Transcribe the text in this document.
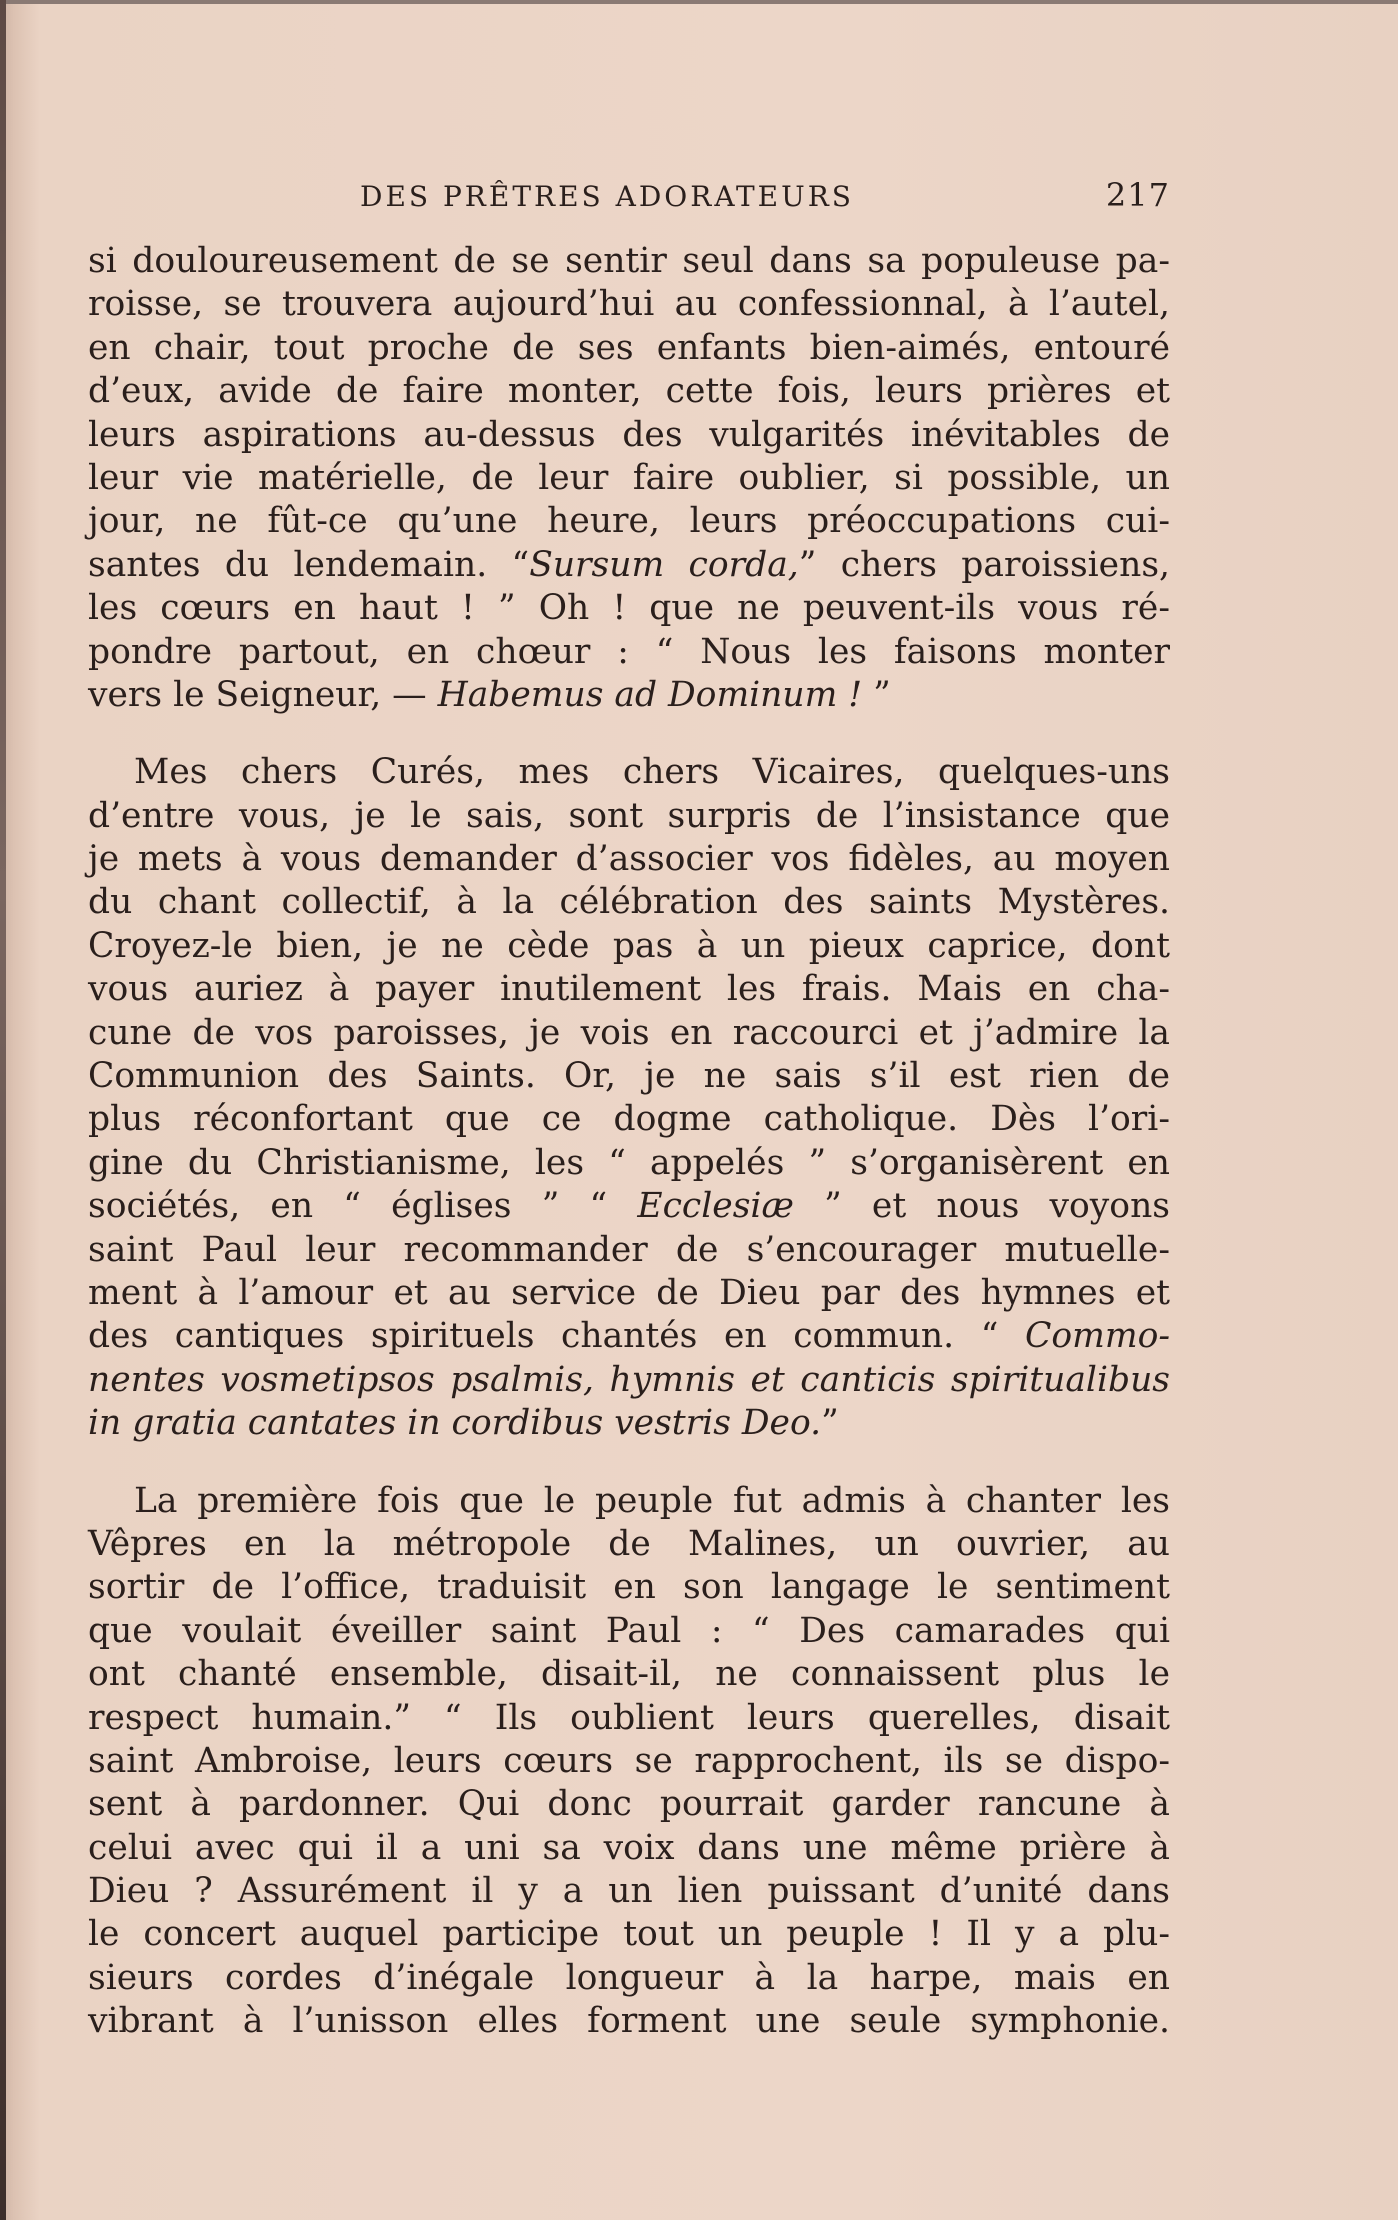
DES PRÊTRES ADORATEURS	217
si douloureusement de se sentir seul dans sa populeuse pa-
roisse, se trouvera aujourd’hui au confessionnal, à l’autel,
en chair, tout proche de ses enfants bien-aimés, entouré
d’eux, avide de faire monter, cette fois, leurs prières et
leurs aspirations au-dessus des vulgarités inévitables de
leur vie matérielle, de leur faire oublier, si possible, un
jour, ne fût-ce qu’une heure, leurs préoccupations cui-
santes du lendemain. “Sursum corda,” chers paroissiens,
les cœurs en haut ! ” Oh ! que ne peuvent-ils vous ré-
pondre partout, en chœur : “ Nous les faisons monter
vers le Seigneur, — Habemus ad Dominum ! ”
Mes chers Curés, mes chers Vicaires, quelques-uns
d’entre vous, je le sais, sont surpris de l’insistance que
je mets à vous demander d’associer vos fidèles, au moyen
du chant collectif, à la célébration des saints Mystères.
Croyez-le bien, je ne cède pas à un pieux caprice, dont
vous auriez à payer inutilement les frais. Mais en cha-
cune de vos paroisses, je vois en raccourci et j’admire la
Communion des Saints. Or, je ne sais s’il est rien de
plus réconfortant que ce dogme catholique. Dès l’ori-
gine du Christianisme, les “ appelés ” s’organisèrent en
sociétés, en “ églises ” “ Ecclesiæ ” et nous voyons
saint Paul leur recommander de s’encourager mutuelle-
ment à l’amour et au service de Dieu par des hymnes et
des cantiques spirituels chantés en commun. “ Commo-
nentes vosmetipsos psalmis, hymnis et canticis spiritualibus
in gratia cantates in cordibus vestris Deo.”
La première fois que le peuple fut admis à chanter les
Vêpres en la métropole de Malines, un ouvrier, au
sortir de l’office, traduisit en son langage le sentiment
que voulait éveiller saint Paul : “ Des camarades qui
ont chanté ensemble, disait-il, ne connaissent plus le
respect humain.” “ Ils oublient leurs querelles, disait
saint Ambroise, leurs cœurs se rapprochent, ils se dispo-
sent à pardonner. Qui donc pourrait garder rancune à
celui avec qui il a uni sa voix dans une même prière à
Dieu ? Assurément il y a un lien puissant d’unité dans
le concert auquel participe tout un peuple ! Il y a plu-
sieurs cordes d’inégale longueur à la harpe, mais en
vibrant à l’unisson elles forment une seule symphonie.
